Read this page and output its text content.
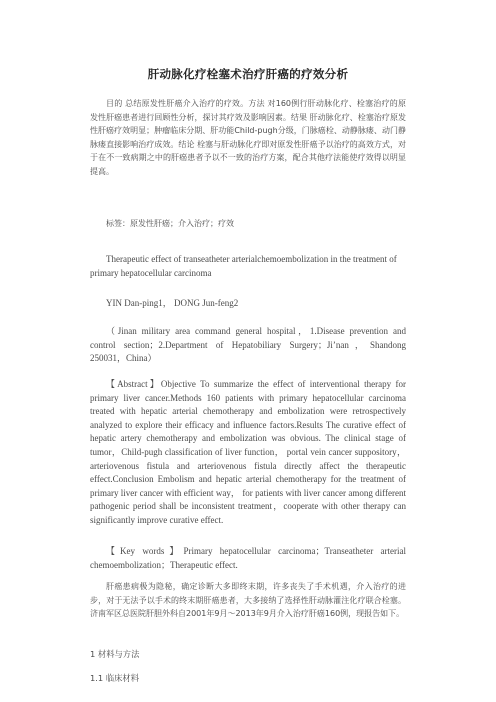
肝动脉化疗栓塞术治疗肝癌的疗效分析

目的 总结原发性肝癌介入治疗的疗效。方法 对160例行肝动脉化疗、栓塞治疗的原发性肝癌患者进行回顾性分析，探讨其疗效及影响因素。结果 肝动脉化疗、栓塞治疗原发性肝癌疗效明显；肿瘤临床分期、肝功能Child-pugh分级，门脉癌栓、动静脉瘘、动门静脉瘘直接影响治疗成效。结论 栓塞与肝动脉化疗即对原发性肝癌予以治疗的高效方式，对于在不一致病期之中的肝癌患者予以不一致的治疗方案，配合其他疗法能使疗效得以明显提高。

标签：原发性肝癌；介入治疗；疗效

Therapeutic effect of transeatheter arterialchemoembolization in the treatment of primary hepatocellular carcinoma

YIN Dan-ping1， DONG Jun-feng2

（Jinan military area command general hospital，1.Disease prevention and control section；2.Department of Hepatobiliary Surgery；Ji’nan，Shandong 250031，China）

【Abstract】Objective To summarize the effect of interventional therapy for primary liver cancer.Methods 160 patients with primary hepatocellular carcinoma treated with hepatic arterial chemotherapy and embolization were retrospectively analyzed to explore their efficacy and influence factors.Results The curative effect of hepatic artery chemotherapy and embolization was obvious. The clinical stage of tumor，Child-pugh classification of liver function， portal vein cancer suppository，arteriovenous fistula and arteriovenous fistula directly affect the therapeutic effect.Conclusion Embolism and hepatic arterial chemotherapy for the treatment of primary liver cancer with efficient way， for patients with liver cancer among different pathogenic period shall be inconsistent treatment，cooperate with other therapy can significantly improve curative effect.

【Key words】Primary hepatocellular carcinoma；Transeatheter arterial chemoembolization；Therapeutic effect.

肝癌患病极为隐秘，确定诊断大多即终末期，许多丧失了手术机遇，介入治疗的进步，对于无法予以手术的终末期肝癌患者，大多接纳了选择性肝动脉灌注化疗联合栓塞。济南军区总医院肝胆外科自2001年9月～2013年9月介入治疗肝癌160例，现报告如下。

1 材料与方法
1.1 临床材料
